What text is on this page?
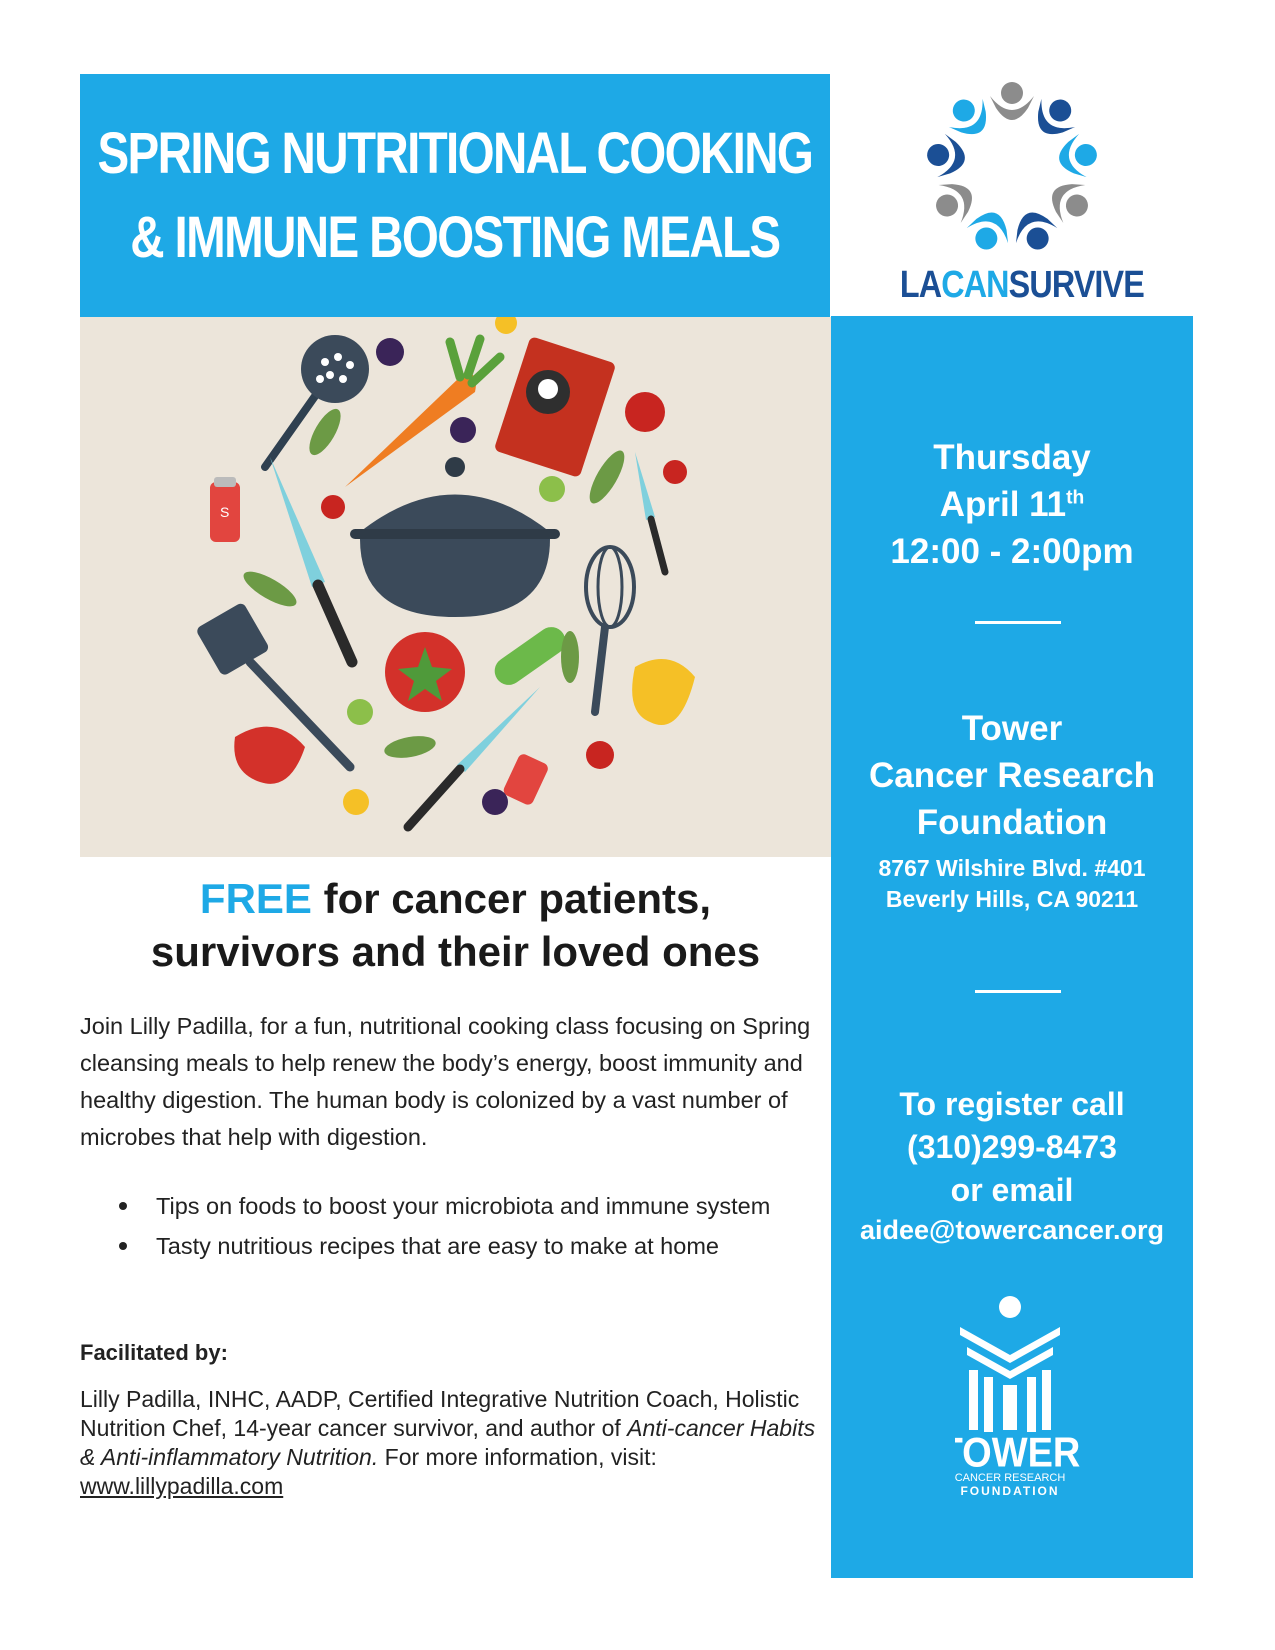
SPRING NUTRITIONAL COOKING
& IMMUNE BOOSTING MEALS
LACANSURVIVE
S
Thursday
April 11th
12:00 - 2:00pm
Tower
Cancer Research
Foundation
8767 Wilshire Blvd. #401
Beverly Hills, CA 90211
To register call
(310)299-8473
or email
aidee@towercancer.org
OWER
CANCER RESEARCH
FOUNDATION
FREE for cancer patients,
survivors and their loved ones
Join Lilly Padilla, for a fun, nutritional cooking class focusing on Spring cleansing meals to help renew the body’s energy, boost immunity and healthy digestion. The human body is colonized by a vast number of microbes that help with digestion.
Tips on foods to boost your microbiota and immune system
Tasty nutritious recipes that are easy to make at home
Facilitated by:
Lilly Padilla, INHC, AADP, Certified Integrative Nutrition Coach, Holistic Nutrition Chef, 14-year cancer survivor, and author of Anti-cancer Habits & Anti-inflammatory Nutrition. For more information, visit: www.lillypadilla.com
